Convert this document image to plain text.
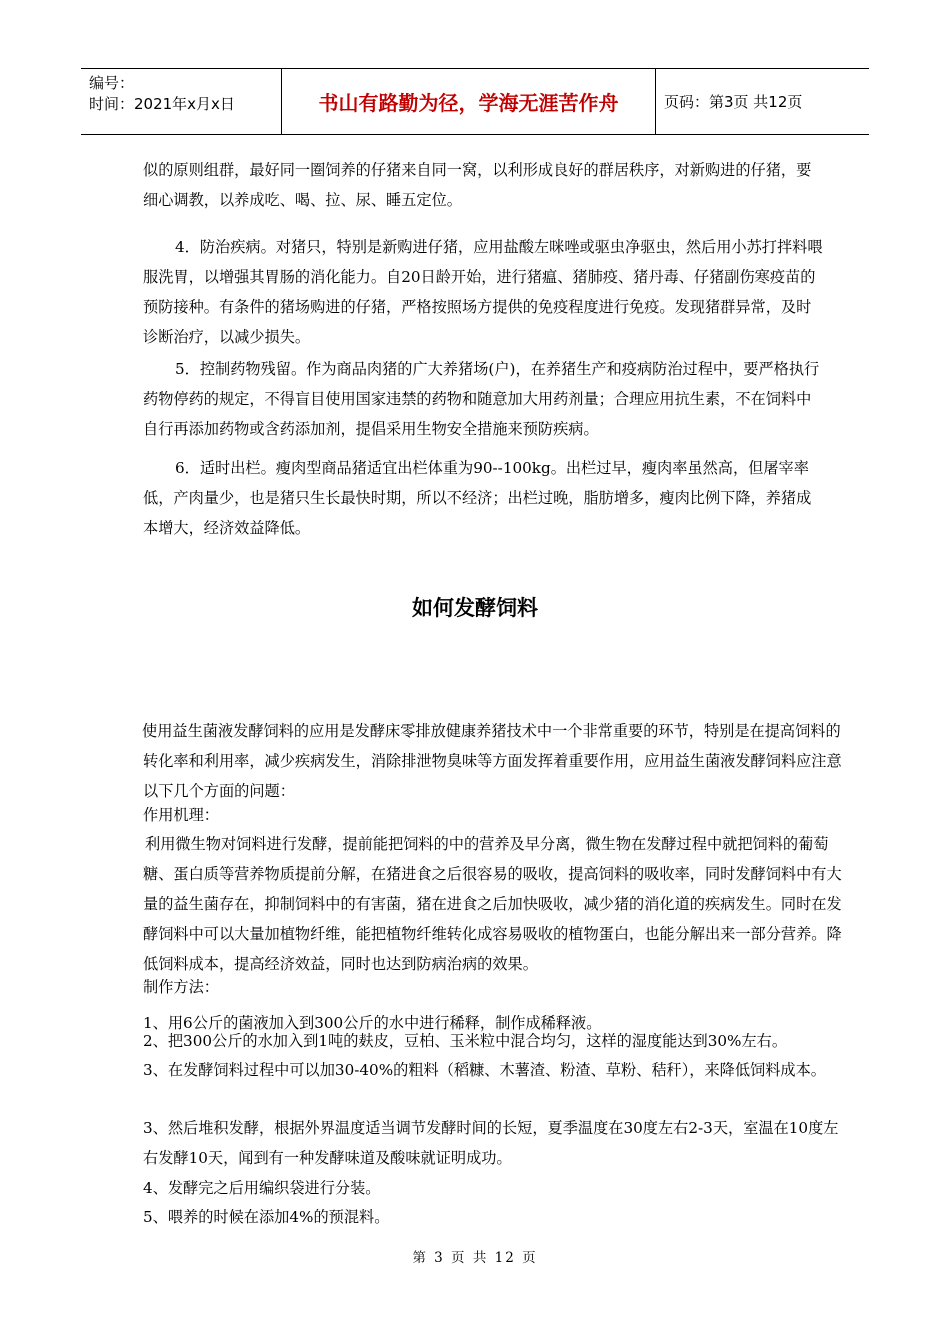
编号：
时间：2021年x月x日	书山有路勤为径，学海无涯苦作舟	页码：第3页 共12页

似的原则组群，最好同一圈饲养的仔猪来自同一窝，以利形成良好的群居秩序，对新购进的仔猪，要细心调教，以养成吃、喝、拉、尿、睡五定位。

4．防治疾病。对猪只，特别是新购进仔猪，应用盐酸左咪唑或驱虫净驱虫，然后用小苏打拌料喂服洗胃，以增强其胃肠的消化能力。自20日龄开始，进行猪瘟、猪肺疫、猪丹毒、仔猪副伤寒疫苗的预防接种。有条件的猪场购进的仔猪，严格按照场方提供的免疫程度进行免疫。发现猪群异常，及时诊断治疗，以减少损失。

5．控制药物残留。作为商品肉猪的广大养猪场(户)，在养猪生产和疫病防治过程中，要严格执行药物停药的规定，不得盲目使用国家违禁的药物和随意加大用药剂量；合理应用抗生素，不在饲料中自行再添加药物或含药添加剂，提倡采用生物安全措施来预防疾病。

6．适时出栏。瘦肉型商品猪适宜出栏体重为90--100kg。出栏过早，瘦肉率虽然高，但屠宰率低，产肉量少，也是猪只生长最快时期，所以不经济；出栏过晚，脂肪增多，瘦肉比例下降，养猪成本增大，经济效益降低。

如何发酵饲料

使用益生菌液发酵饲料的应用是发酵床零排放健康养猪技术中一个非常重要的环节，特别是在提高饲料的转化率和利用率，减少疾病发生，消除排泄物臭味等方面发挥着重要作用，应用益生菌液发酵饲料应注意以下几个方面的问题：

作用机理：

利用微生物对饲料进行发酵，提前能把饲料的中的营养及早分离，微生物在发酵过程中就把饲料的葡萄糖、蛋白质等营养物质提前分解，在猪进食之后很容易的吸收，提高饲料的吸收率，同时发酵饲料中有大量的益生菌存在，抑制饲料中的有害菌，猪在进食之后加快吸收，减少猪的消化道的疾病发生。同时在发酵饲料中可以大量加植物纤维，能把植物纤维转化成容易吸收的植物蛋白，也能分解出来一部分营养。降低饲料成本，提高经济效益，同时也达到防病治病的效果。

制作方法：

1、用6公斤的菌液加入到300公斤的水中进行稀释，制作成稀释液。

2、把300公斤的水加入到1吨的麸皮，豆柏、玉米粒中混合均匀，这样的湿度能达到30%左右。

3、在发酵饲料过程中可以加30-40%的粗料（稻糠、木薯渣、粉渣、草粉、秸秆），来降低饲料成本。

3、然后堆积发酵，根据外界温度适当调节发酵时间的长短，夏季温度在30度左右2-3天，室温在10度左右发酵10天，闻到有一种发酵味道及酸味就证明成功。

4、发酵完之后用编织袋进行分装。

5、喂养的时候在添加4%的预混料。

第 3 页 共 12 页
